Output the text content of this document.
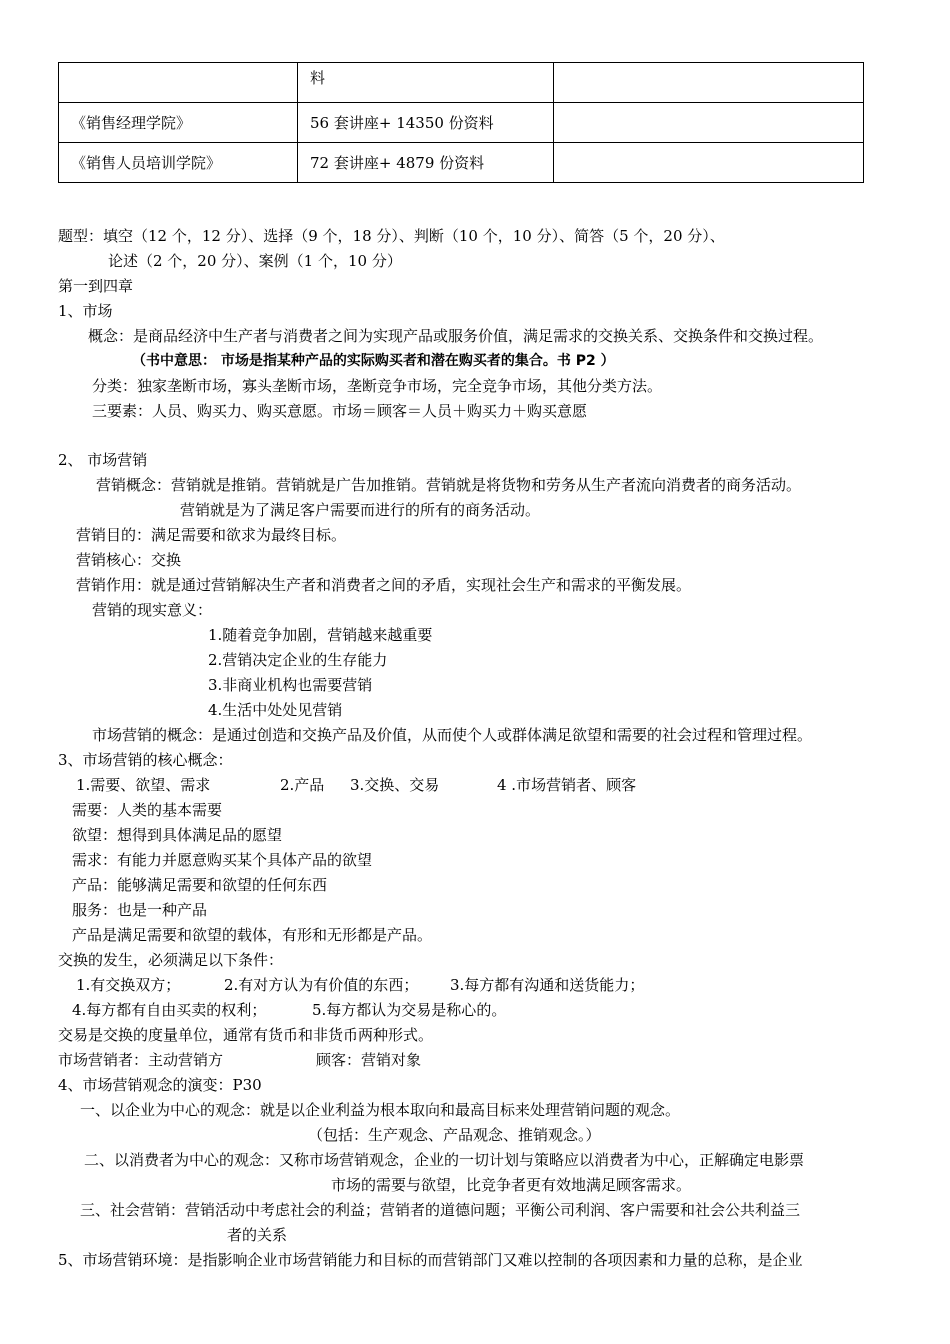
	料	
《销售经理学院》	56 套讲座+ 14350 份资料	
《销售人员培训学院》	72 套讲座+ 4879 份资料	
题型：填空（12 个，12 分）、选择（9 个，18 分）、判断（10 个，10 分）、简答（5 个，20 分）、
论述（2 个，20 分）、案例（1 个，10 分）
第一到四章
1、市场
概念：是商品经济中生产者与消费者之间为实现产品或服务价值，满足需求的交换关系、交换条件和交换过程。
（书中意思： 市场是指某种产品的实际购买者和潜在购买者的集合。书 P2 ）
分类：独家垄断市场，寡头垄断市场，垄断竞争市场，完全竞争市场，其他分类方法。
三要素：人员、购买力、购买意愿。市场＝顾客＝人员＋购买力＋购买意愿
2、 市场营销
营销概念：营销就是推销。营销就是广告加推销。营销就是将货物和劳务从生产者流向消费者的商务活动。
营销就是为了满足客户需要而进行的所有的商务活动。
营销目的：满足需要和欲求为最终目标。
营销核心：交换
营销作用：就是通过营销解决生产者和消费者之间的矛盾，实现社会生产和需求的平衡发展。
营销的现实意义：
1.随着竞争加剧，营销越来越重要
2.营销决定企业的生存能力
3.非商业机构也需要营销
4.生活中处处见营销
市场营销的概念：是通过创造和交换产品及价值，从而使个人或群体满足欲望和需要的社会过程和管理过程。
3、市场营销的核心概念：
1.需要、欲望、需求	2.产品 3.交换、交易	4 .市场营销者、顾客
需要：人类的基本需要
欲望：想得到具体满足品的愿望
需求：有能力并愿意购买某个具体产品的欲望
产品：能够满足需要和欲望的任何东西
服务：也是一种产品
产品是满足需要和欲望的载体，有形和无形都是产品。
交换的发生，必须满足以下条件：
1.有交换双方；	2.有对方认为有价值的东西； 3.每方都有沟通和送货能力；
4.每方都有自由买卖的权利；	5.每方都认为交易是称心的。
交易是交换的度量单位，通常有货币和非货币两种形式。
市场营销者：主动营销方	顾客：营销对象
4、市场营销观念的演变：P30
一、以企业为中心的观念：就是以企业利益为根本取向和最高目标来处理营销问题的观念。
（包括：生产观念、产品观念、推销观念。）
二、以消费者为中心的观念：又称市场营销观念，企业的一切计划与策略应以消费者为中心，正解确定电影票
市场的需要与欲望，比竞争者更有效地满足顾客需求。
三、社会营销：营销活动中考虑社会的利益；营销者的道德问题；平衡公司利润、客户需要和社会公共利益三
者的关系
5、市场营销环境：是指影响企业市场营销能力和目标的而营销部门又难以控制的各项因素和力量的总称，是企业
